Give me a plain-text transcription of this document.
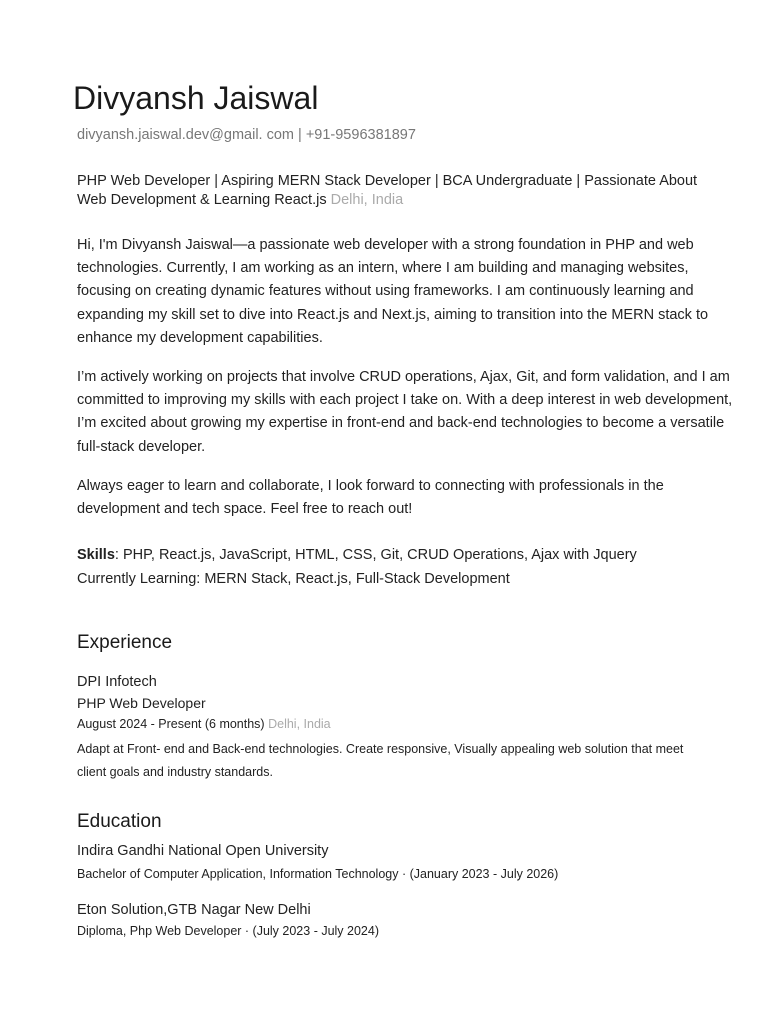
Divyansh Jaiswal
divyansh.jaiswal.dev@gmail. com | +91-9596381897
PHP Web Developer | Aspiring MERN Stack Developer | BCA Undergraduate | Passionate About Web Development & Learning React.js Delhi, India

Hi, I'm Divyansh Jaiswal—a passionate web developer with a strong foundation in PHP and web technologies. Currently, I am working as an intern, where I am building and managing websites, focusing on creating dynamic features without using frameworks. I am continuously learning and expanding my skill set to dive into React.js and Next.js, aiming to transition into the MERN stack to enhance my development capabilities.

I’m actively working on projects that involve CRUD operations, Ajax, Git, and form validation, and I am committed to improving my skills with each project I take on. With a deep interest in web development, I’m excited about growing my expertise in front-end and back-end technologies to become a versatile full-stack developer.

Always eager to learn and collaborate, I look forward to connecting with professionals in the development and tech space. Feel free to reach out!

Skills: PHP, React.js, JavaScript, HTML, CSS, Git, CRUD Operations, Ajax with Jquery
Currently Learning: MERN Stack, React.js, Full-Stack Development
Experience
DPI Infotech
PHP Web Developer
August 2024 - Present (6 months) Delhi, India
Adapt at Front- end and Back-end technologies. Create responsive, Visually appealing web solution that meet client goals and industry standards.
Education
Indira Gandhi National Open University
Bachelor of Computer Application, Information Technology · (January 2023 - July 2026)
Eton Solution,GTB Nagar New Delhi
Diploma, Php Web Developer · (July 2023 - July 2024)
